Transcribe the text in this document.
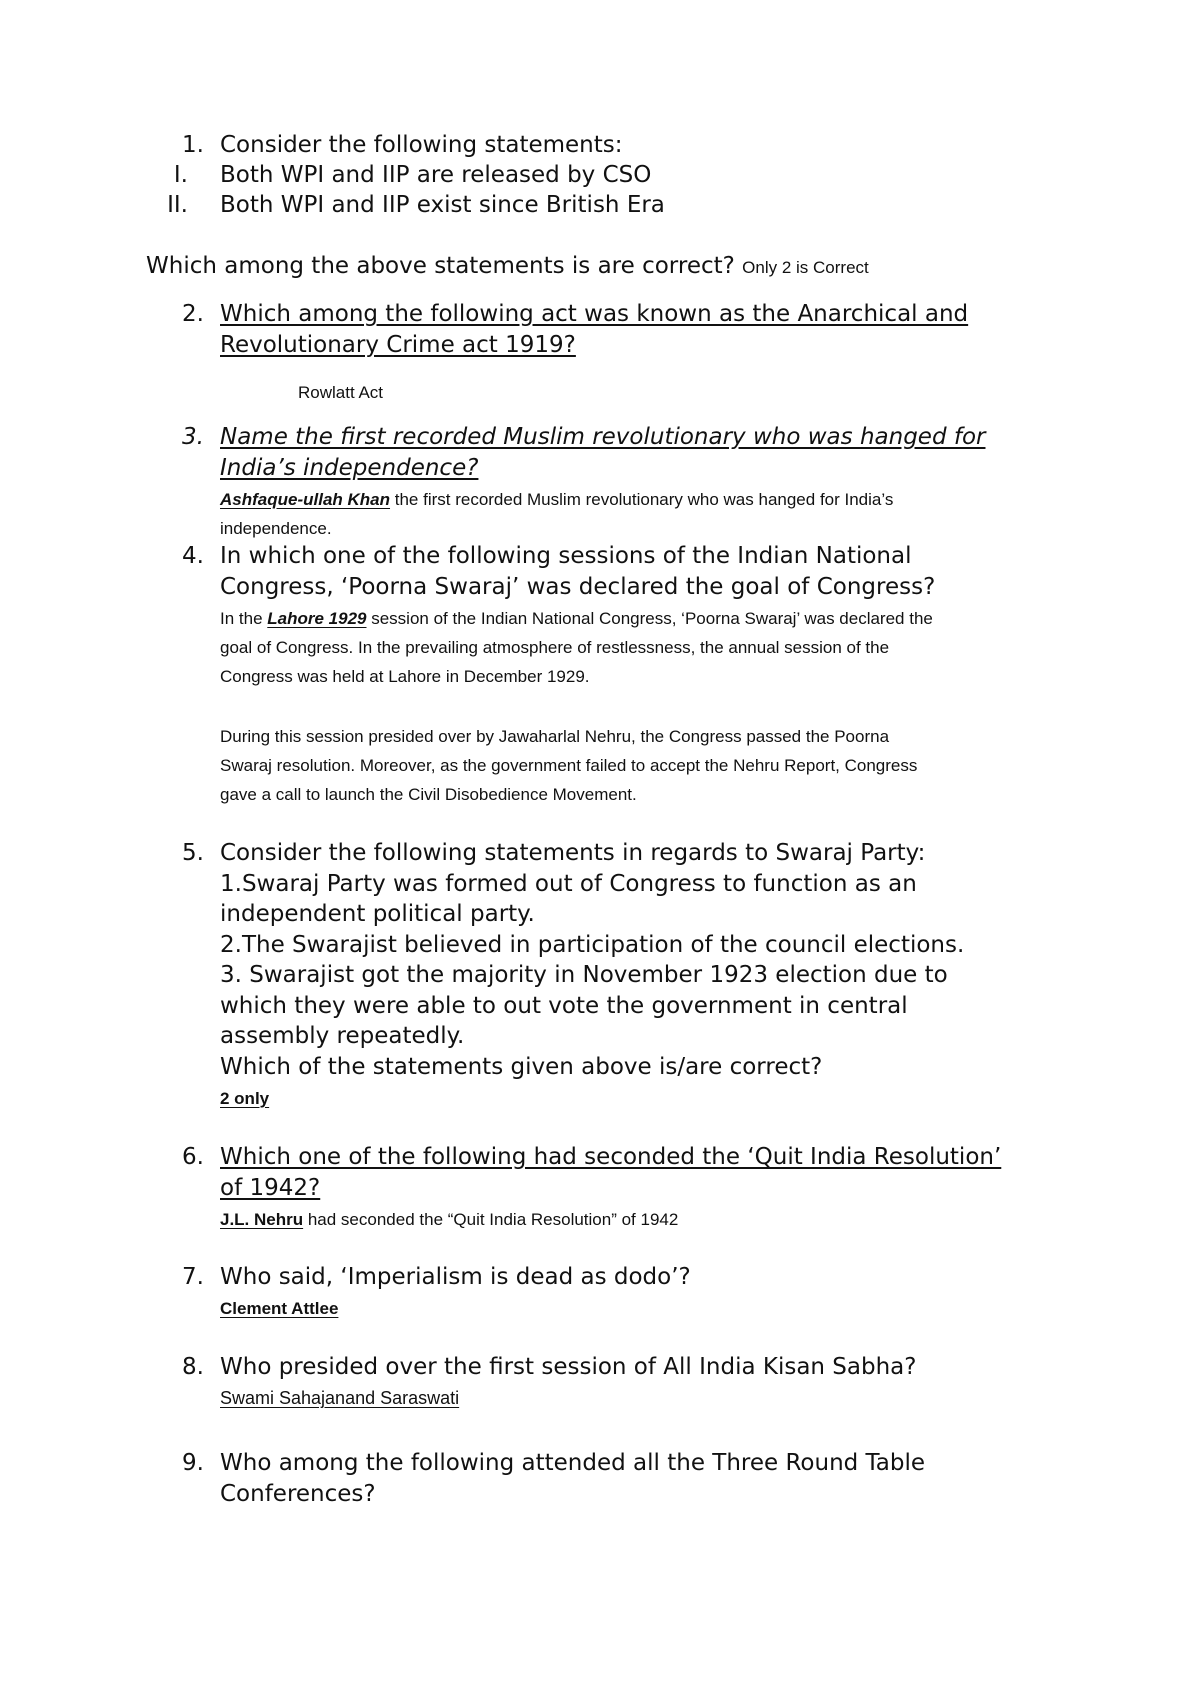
1. Consider the following statements:
I. Both WPI and IIP are released by CSO
II. Both WPI and IIP exist since British Era
Which among the above statements is are correct? Only 2 is Correct
2. Which among the following act was known as the Anarchical and
Revolutionary Crime act 1919?
Rowlatt Act
3. Name the first recorded Muslim revolutionary who was hanged for
India’s independence?
Ashfaque-ullah Khan the first recorded Muslim revolutionary who was hanged for India’s
independence.
4. In which one of the following sessions of the Indian National
Congress, ‘Poorna Swaraj’ was declared the goal of Congress?
In the Lahore 1929 session of the Indian National Congress, ‘Poorna Swaraj’ was declared the
goal of Congress. In the prevailing atmosphere of restlessness, the annual session of the
Congress was held at Lahore in December 1929.
During this session presided over by Jawaharlal Nehru, the Congress passed the Poorna
Swaraj resolution. Moreover, as the government failed to accept the Nehru Report, Congress
gave a call to launch the Civil Disobedience Movement.
5. Consider the following statements in regards to Swaraj Party:
1.Swaraj Party was formed out of Congress to function as an
independent political party.
2.The Swarajist believed in participation of the council elections.
3. Swarajist got the majority in November 1923 election due to
which they were able to out vote the government in central
assembly repeatedly.
Which of the statements given above is/are correct?
2 only
6. Which one of the following had seconded the ‘Quit India Resolution’
of 1942?
J.L. Nehru had seconded the “Quit India Resolution” of 1942
7. Who said, ‘Imperialism is dead as dodo’?
Clement Attlee
8. Who presided over the first session of All India Kisan Sabha?
Swami Sahajanand Saraswati
9. Who among the following attended all the Three Round Table
Conferences?
